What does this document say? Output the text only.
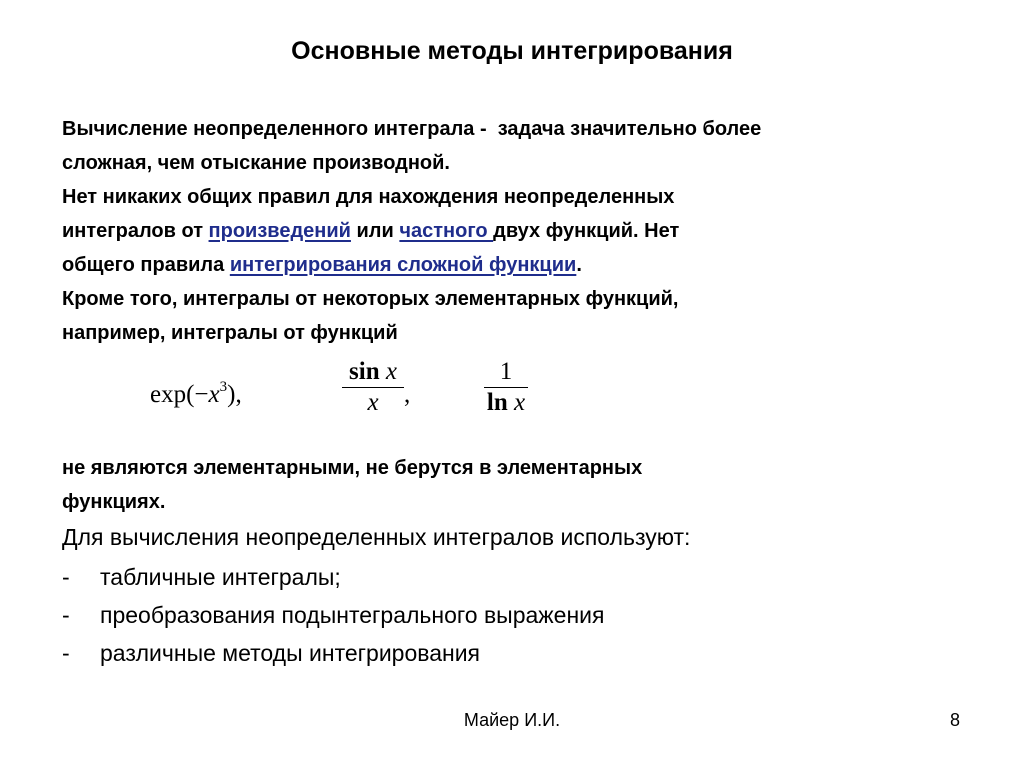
Основные методы интегрирования
Вычисление неопределенного интеграла -  задача значительно более
сложная, чем отыскание производной.
Нет никаких общих правил для нахождения неопределенных
интегралов от произведений или частного двух функций. Нет
общего правила интегрирования сложной функции.
Кроме того, интегралы от некоторых элементарных функций,
например, интегралы от функций
$\exp(-x^3)$,	$\frac{\text{sin x}}{x}$ ,	$\frac{1}{\text{ln x}}$
не являются элементарными, не берутся в элементарных
функциях.
Для вычисления неопределенных интегралов используют:
-	табличные интегралы;
-	преобразования подынтегрального выражения
-	различные методы интегрирования
Майер И.И.	8
